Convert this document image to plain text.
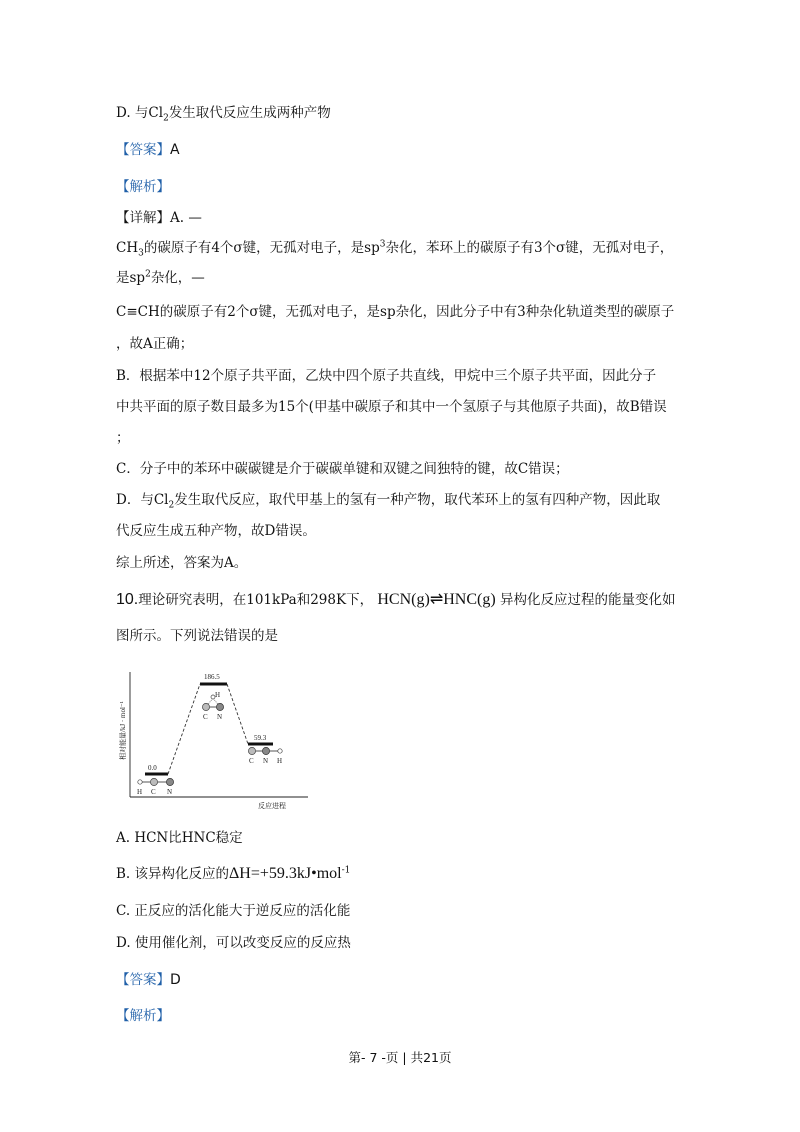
D. 与$Cl_2$发生取代反应生成两种产物
【答案】A
【解析】
【详解】A. —
$CH_3$的碳原子有4个σ键，无孤对电子，是$sp^3$杂化，苯环上的碳原子有3个σ键，无孤对电子，
是$sp^2$杂化，—
C≡CH的碳原子有2个σ键，无孤对电子，是sp杂化，因此分子中有3种杂化轨道类型的碳原子
，故A正确；
B．根据苯中12个原子共平面，乙炔中四个原子共直线，甲烷中三个原子共平面，因此分子
中共平面的原子数目最多为15个(甲基中碳原子和其中一个氢原子与其他原子共面)，故B错误
；
C．分子中的苯环中碳碳键是介于碳碳单键和双键之间独特的键，故C错误；
D．与$Cl_2$发生取代反应，取代甲基上的氢有一种产物，取代苯环上的氢有四种产物，因此取
代反应生成五种产物，故D错误。
综上所述，答案为A。
10.理论研究表明，在101kPa和298K下， HCN(g)⇌HNC(g) 异构化反应过程的能量变化如
图所示。下列说法错误的是
相对能量/kJ · mol⁻¹
反应进程
0.0
186.5
59.3
H C N
H
C N
C N H
A. HCN比HNC稳定
B. 该异构化反应的ΔH=+59.3kJ•mol$^{-1}$
C. 正反应的活化能大于逆反应的活化能
D. 使用催化剂，可以改变反应的反应热
【答案】D
【解析】
第- 7 -页 | 共21页
